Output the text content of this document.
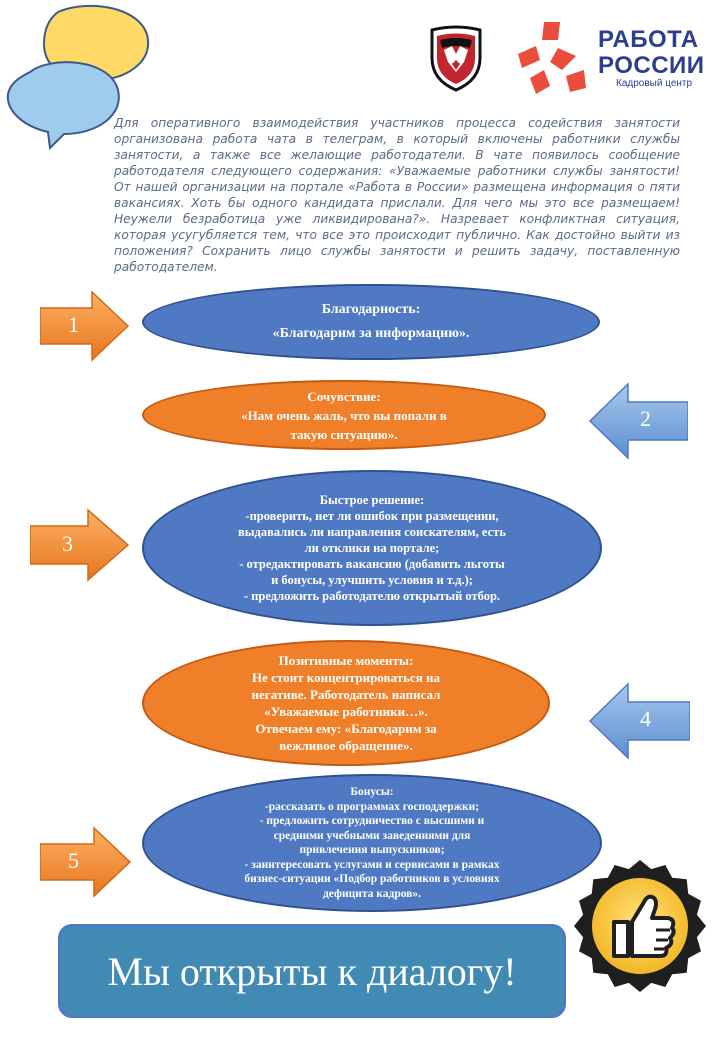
РАБОТА
РОССИИ
Кадровый центр

Для оперативного взаимодействия участников процесса содействия занятости организована работа чата в телеграм, в который включены работники службы занятости, а также все желающие работодатели. В чате появилось сообщение работодателя следующего содержания: «Уважаемые работники службы занятости! От нашей организации на портале «Работа в России» размещена информация о пяти вакансиях. Хоть бы одного кандидата прислали. Для чего мы это все размещаем! Неужели безработица уже ликвидирована?». Назревает конфликтная ситуация, которая усугубляется тем, что все это происходит публично. Как достойно выйти из положения? Сохранить лицо службы занятости и решить задачу, поставленную работодателем.

1
2
3
4
5
Благодарность:
«Благодарим за информацию».
Сочувствие:
«Нам очень жаль, что вы попали в
такую ситуацию».
Быстрое решение:
-проверить, нет ли ошибок при размещении,
выдавались ли направления соискателям, есть
ли отклики на портале;
- отредактировать вакансию (добавить льготы
и бонусы, улучшить условия и т.д.);
- предложить работодателю открытый отбор.
Позитивные моменты:
Не стоит концентрироваться на
негативе. Работодатель написал
«Уважаемые работники…».
Отвечаем ему: «Благодарим за
вежливое обращение».
Бонусы:
-рассказать о программах господдержки;
- предложить сотрудничество с высшими и
средними учебными заведениями для
привлечения выпускников;
- заинтересовать услугами и сервисами в рамках
бизнес-ситуации «Подбор работников в условиях
дефицита кадров».
Мы открыты к диалогу!
